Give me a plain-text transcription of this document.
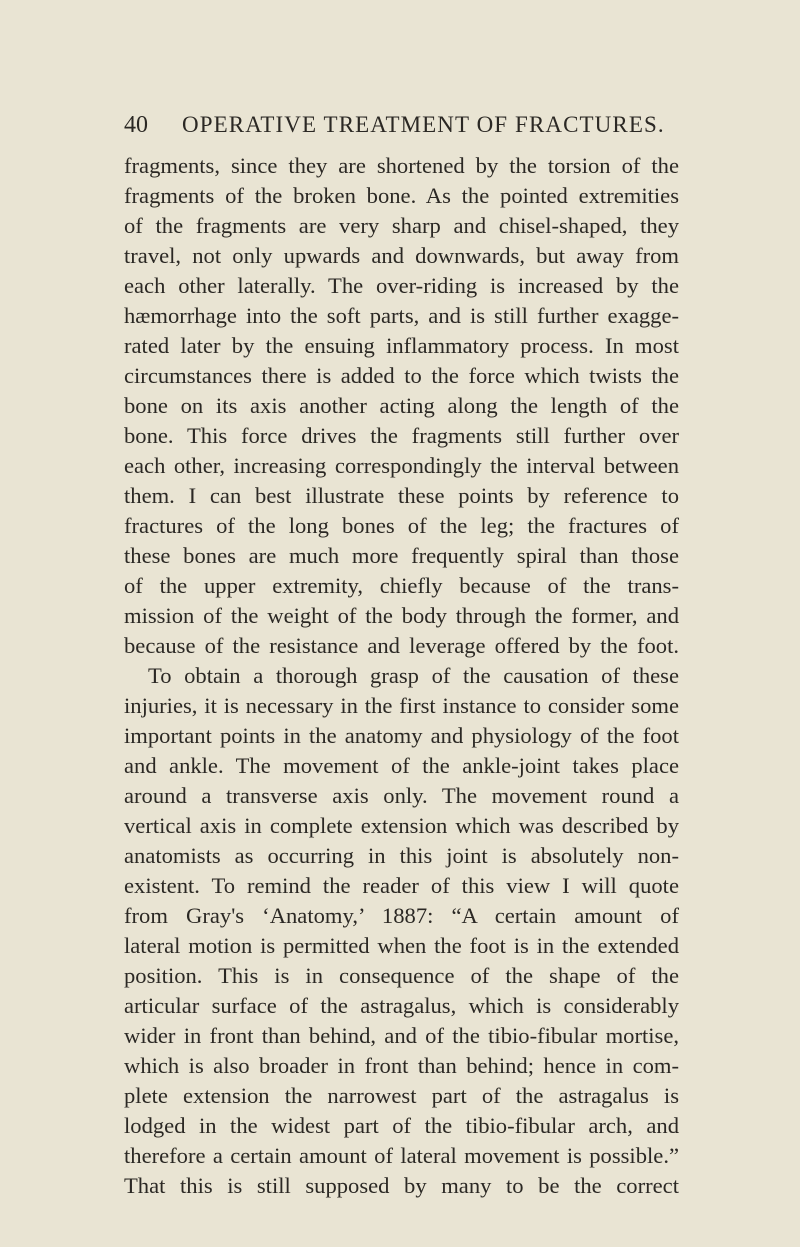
40 OPERATIVE TREATMENT OF FRACTURES.
fragments, since they are shortened by the torsion of the
fragments of the broken bone. As the pointed extremities
of the fragments are very sharp and chisel-shaped, they
travel, not only upwards and downwards, but away from
each other laterally. The over-riding is increased by the
hæmorrhage into the soft parts, and is still further exagge-
rated later by the ensuing inflammatory process. In most
circumstances there is added to the force which twists the
bone on its axis another acting along the length of the
bone. This force drives the fragments still further over
each other, increasing correspondingly the interval between
them. I can best illustrate these points by reference to
fractures of the long bones of the leg; the fractures of
these bones are much more frequently spiral than those
of the upper extremity, chiefly because of the trans-
mission of the weight of the body through the former, and
because of the resistance and leverage offered by the foot.
To obtain a thorough grasp of the causation of these
injuries, it is necessary in the first instance to consider some
important points in the anatomy and physiology of the foot
and ankle. The movement of the ankle-joint takes place
around a transverse axis only. The movement round a
vertical axis in complete extension which was described by
anatomists as occurring in this joint is absolutely non-
existent. To remind the reader of this view I will quote
from Gray's ‘Anatomy,’ 1887: “A certain amount of
lateral motion is permitted when the foot is in the extended
position. This is in consequence of the shape of the
articular surface of the astragalus, which is considerably
wider in front than behind, and of the tibio-fibular mortise,
which is also broader in front than behind; hence in com-
plete extension the narrowest part of the astragalus is
lodged in the widest part of the tibio-fibular arch, and
therefore a certain amount of lateral movement is possible.”
That this is still supposed by many to be the correct
